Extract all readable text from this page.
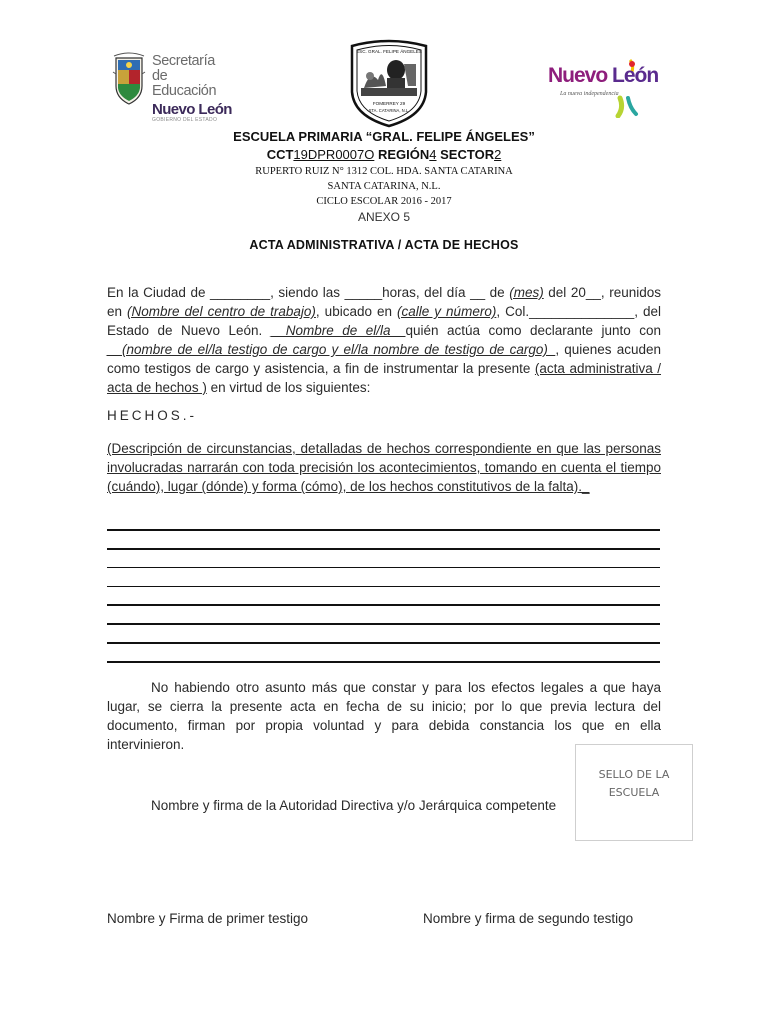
Secretaría
de Educación
Nuevo León
GOBIERNO DEL ESTADO
ESC. GRAL. FELIPE ÁNGELES
FOMERREY 29
STA. CATARINA, N.L.
Nuevo León
La nueva independencia
ESCUELA PRIMARIA “GRAL. FELIPE ÁNGELES”
CCT19DPR0007O REGIÓN4 SECTOR2
RUPERTO RUIZ N° 1312 COL. HDA. SANTA CATARINA
SANTA CATARINA, N.L.
CICLO ESCOLAR 2016 - 2017
ANEXO 5
ACTA ADMINISTRATIVA / ACTA DE HECHOS
En la Ciudad de ________, siendo las _____horas, del día __ de (mes) del 20__, reunidos en (Nombre del centro de trabajo), ubicado en (calle y número), Col.______________, del Estado de Nuevo León. __Nombre de el/la__quién actúa como declarante junto con __(nombre de el/la testigo de cargo y el/la nombre de testigo de cargo)_, quienes acuden como testigos de cargo y asistencia, a fin de instrumentar la presente (acta administrativa / acta de hechos ) en virtud de los siguientes:
HECHOS.-
(Descripción de circunstancias, detalladas de hechos correspondiente en que las personas involucradas narrarán con toda precisión los acontecimientos, tomando en cuenta el tiempo (cuándo), lugar (dónde) y forma (cómo), de los hechos constitutivos de la falta)._
No habiendo otro asunto más que constar y para los efectos legales a que haya lugar, se cierra la presente acta en fecha de su inicio; por lo que previa lectura del documento, firman por propia voluntad y para debida constancia los que en ella intervinieron.
Nombre y firma de la Autoridad Directiva y/o Jerárquica competente
SELLO DE LA ESCUELA
Nombre y Firma de primer testigo	Nombre y firma de segundo testigo
